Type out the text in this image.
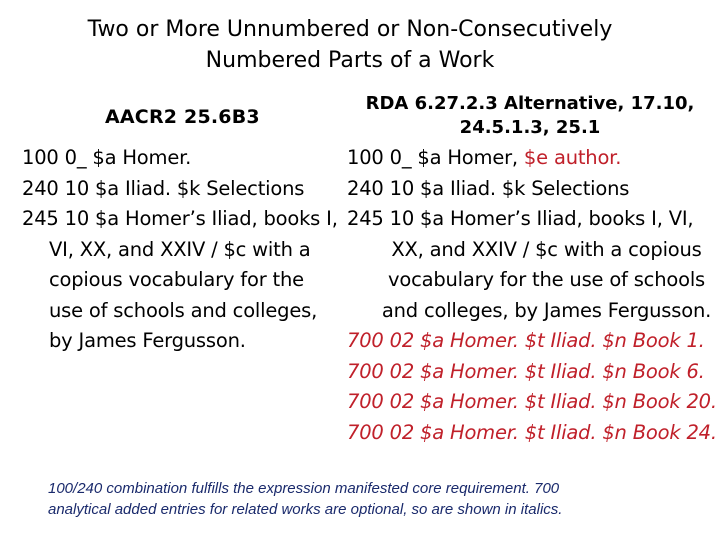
Two or More Unnumbered or Non-Consecutively
Numbered Parts of a Work
AACR2 25.6B3
RDA 6.27.2.3 Alternative, 17.10,
24.5.1.3, 25.1
100 0_ $a Homer.
240 10 $a Iliad. $k Selections
245 10 $a Homer’s Iliad, books I,
VI, XX, and XXIV / $c with a
copious vocabulary for the
use of schools and colleges,
by James Fergusson.
100 0_ $a Homer, $e author.
240 10 $a Iliad. $k Selections
245 10 $a Homer’s Iliad, books I, VI,
XX, and XXIV / $c with a copious
vocabulary for the use of schools
and colleges, by James Fergusson.
700 02 $a Homer. $t Iliad. $n Book 1.
700 02 $a Homer. $t Iliad. $n Book 6.
700 02 $a Homer. $t Iliad. $n Book 20.
700 02 $a Homer. $t Iliad. $n Book 24.
100/240 combination fulfills the expression manifested core requirement. 700
analytical added entries for related works are optional, so are shown in italics.
